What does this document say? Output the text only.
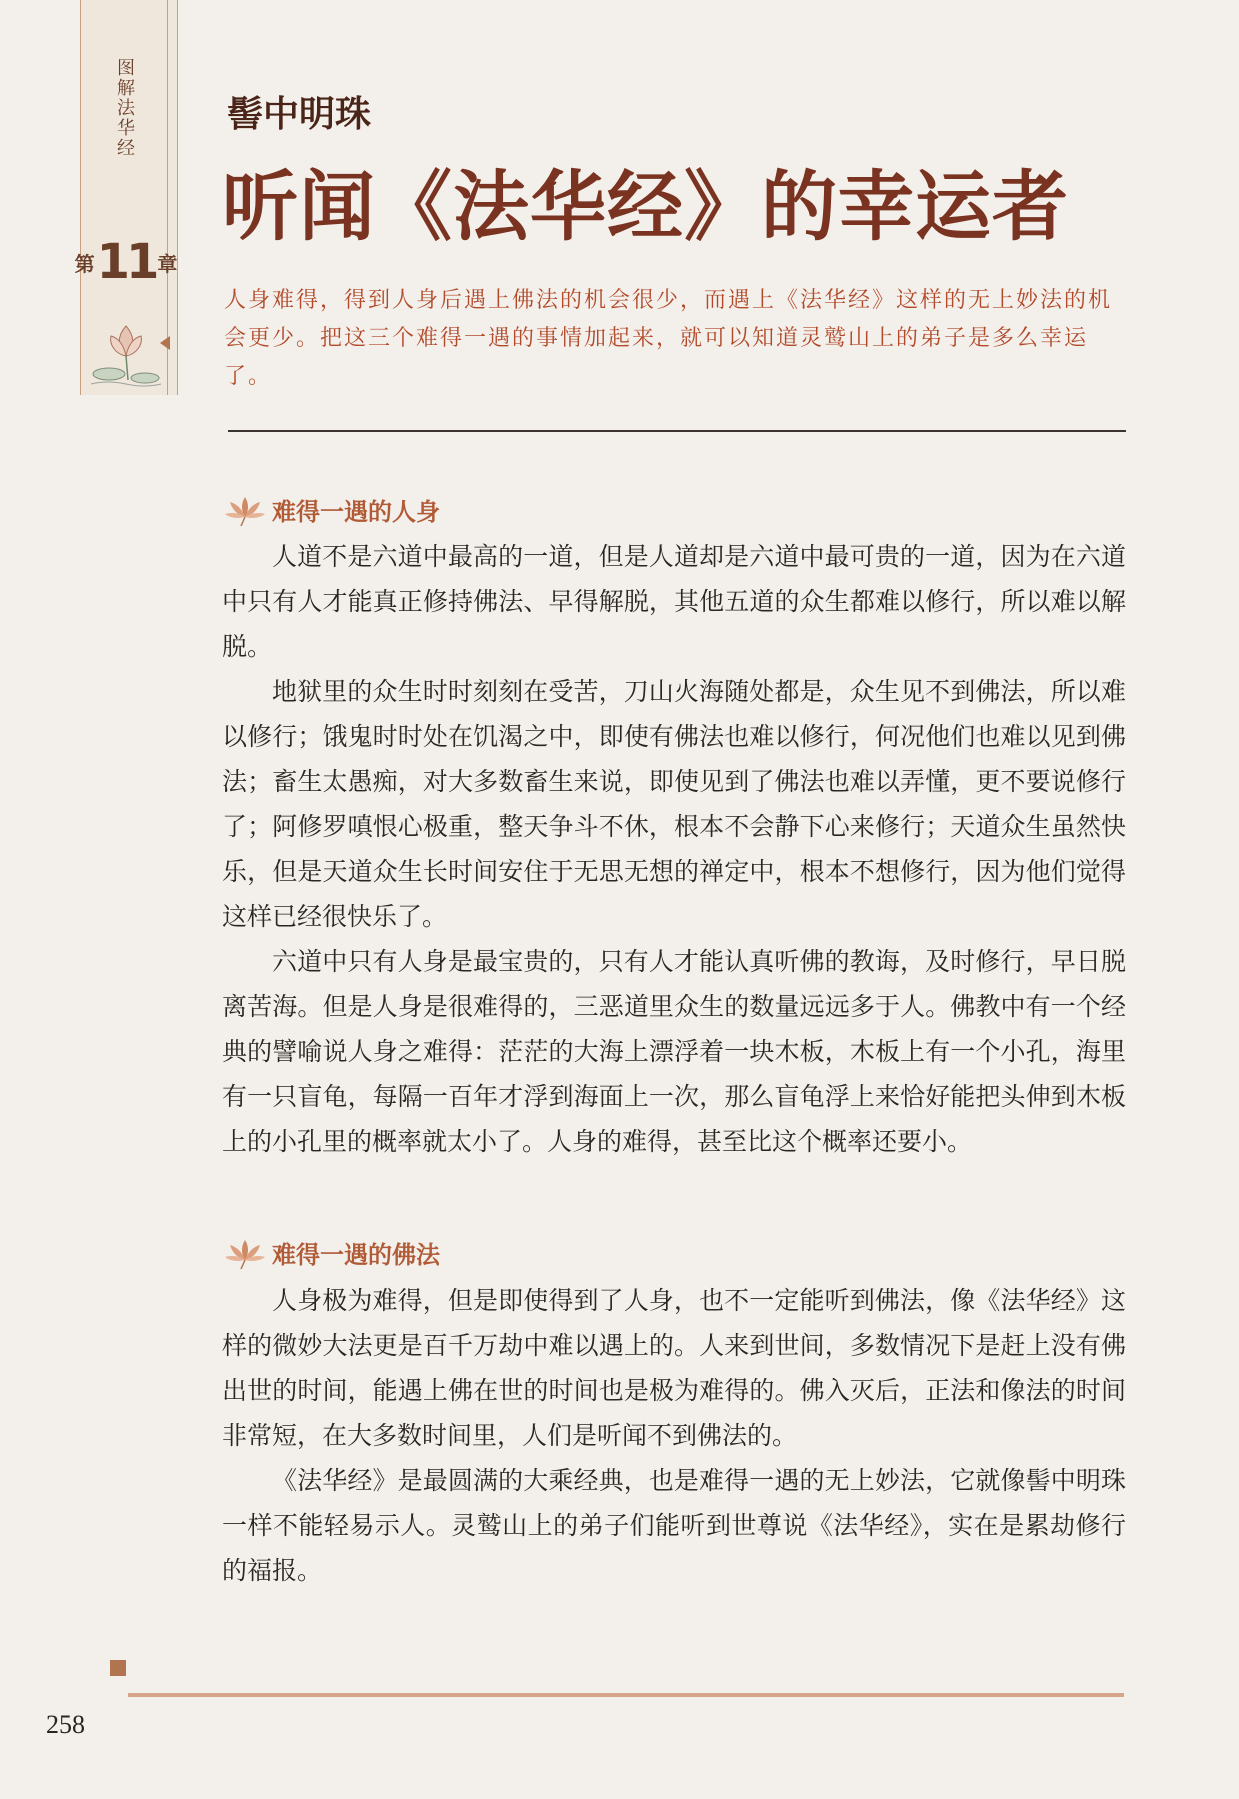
图解法华经
第 11 章
髻中明珠
听闻《法华经》的幸运者

人身难得，得到人身后遇上佛法的机会很少，而遇上《法华经》这样的无上妙法的机会更少。把这三个难得一遇的事情加起来，就可以知道灵鹫山上的弟子是多么幸运了。

难得一遇的人身

人道不是六道中最高的一道，但是人道却是六道中最可贵的一道，因为在六道中只有人才能真正修持佛法、早得解脱，其他五道的众生都难以修行，所以难以解脱。

地狱里的众生时时刻刻在受苦，刀山火海随处都是，众生见不到佛法，所以难以修行；饿鬼时时处在饥渴之中，即使有佛法也难以修行，何况他们也难以见到佛法；畜生太愚痴，对大多数畜生来说，即使见到了佛法也难以弄懂，更不要说修行了；阿修罗嗔恨心极重，整天争斗不休，根本不会静下心来修行；天道众生虽然快乐，但是天道众生长时间安住于无思无想的禅定中，根本不想修行，因为他们觉得这样已经很快乐了。

六道中只有人身是最宝贵的，只有人才能认真听佛的教诲，及时修行，早日脱离苦海。但是人身是很难得的，三恶道里众生的数量远远多于人。佛教中有一个经典的譬喻说人身之难得：茫茫的大海上漂浮着一块木板，木板上有一个小孔，海里有一只盲龟，每隔一百年才浮到海面上一次，那么盲龟浮上来恰好能把头伸到木板上的小孔里的概率就太小了。人身的难得，甚至比这个概率还要小。

难得一遇的佛法

人身极为难得，但是即使得到了人身，也不一定能听到佛法，像《法华经》这样的微妙大法更是百千万劫中难以遇上的。人来到世间，多数情况下是赶上没有佛出世的时间，能遇上佛在世的时间也是极为难得的。佛入灭后，正法和像法的时间非常短，在大多数时间里，人们是听闻不到佛法的。

《法华经》是最圆满的大乘经典，也是难得一遇的无上妙法，它就像髻中明珠一样不能轻易示人。灵鹫山上的弟子们能听到世尊说《法华经》，实在是累劫修行的福报。

258
